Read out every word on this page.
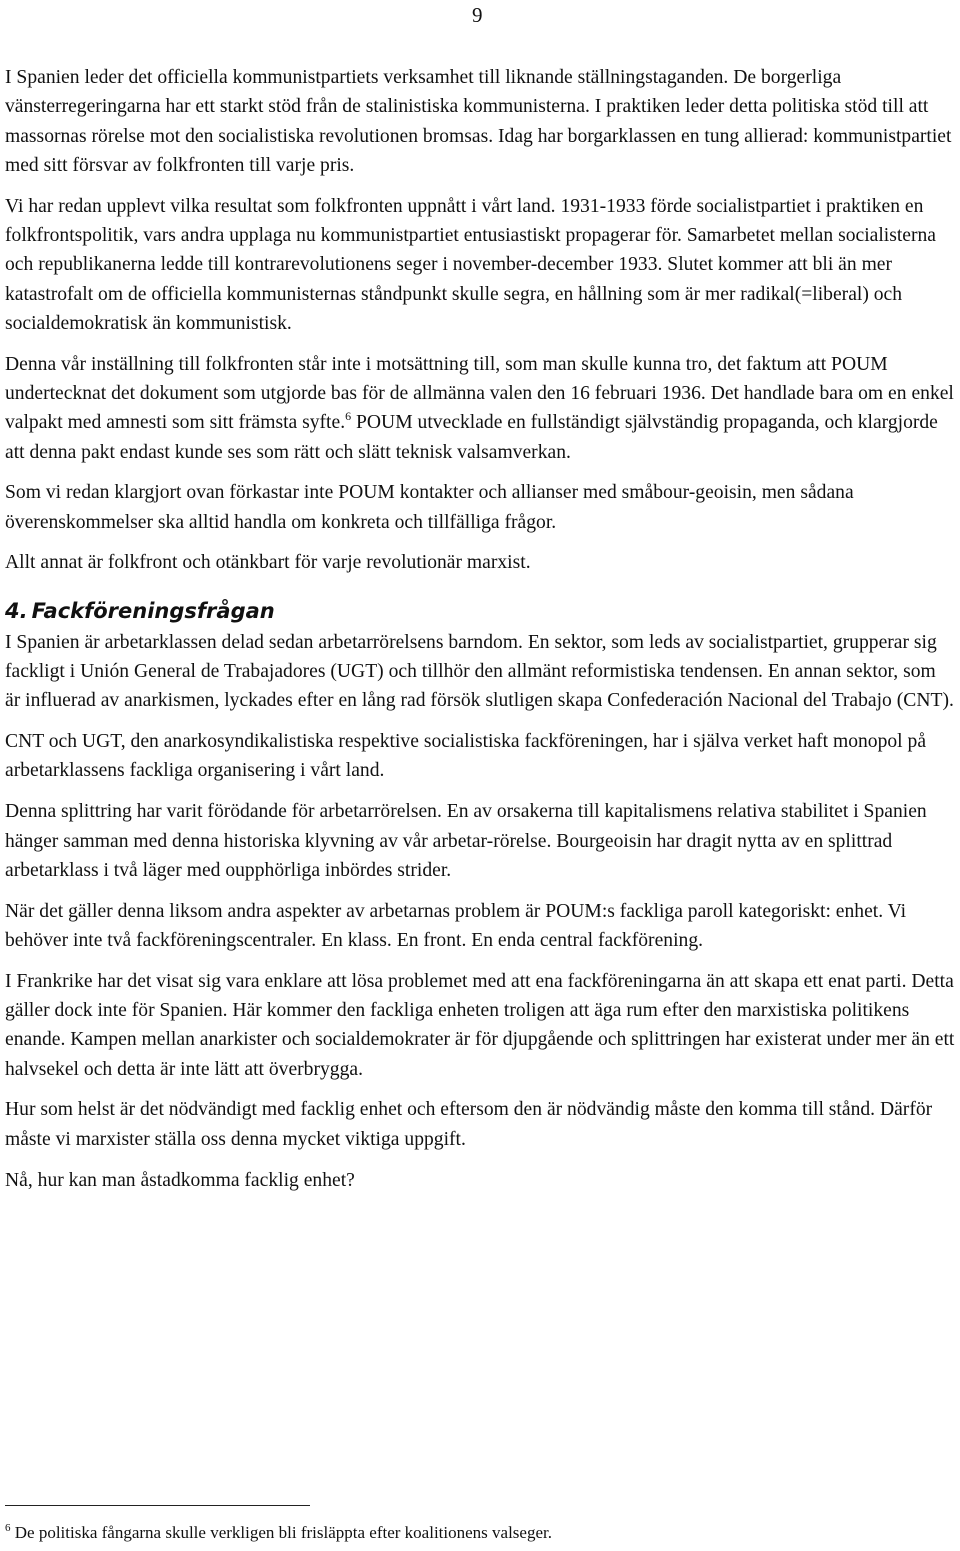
9

I Spanien leder det officiella kommunistpartiets verksamhet till liknande ställningstaganden. De borgerliga vänsterregeringarna har ett starkt stöd från de stalinistiska kommunisterna. I praktiken leder detta politiska stöd till att massornas rörelse mot den socialistiska revolutionen bromsas. Idag har borgarklassen en tung allierad: kommunistpartiet med sitt försvar av folkfronten till varje pris.

Vi har redan upplevt vilka resultat som folkfronten uppnått i vårt land. 1931-1933 förde socialistpartiet i praktiken en folkfrontspolitik, vars andra upplaga nu kommunistpartiet entusiastiskt propagerar för. Samarbetet mellan socialisterna och republikanerna ledde till kontrarevolutionens seger i november-december 1933. Slutet kommer att bli än mer katastrofalt om de officiella kommunisternas ståndpunkt skulle segra, en hållning som är mer radikal(=liberal) och socialdemokratisk än kommunistisk.

Denna vår inställning till folkfronten står inte i motsättning till, som man skulle kunna tro, det faktum att POUM undertecknat det dokument som utgjorde bas för de allmänna valen den 16 februari 1936. Det handlade bara om en enkel valpakt med amnesti som sitt främsta syfte.$^6$ POUM utvecklade en fullständigt självständig propaganda, och klargjorde att denna pakt endast kunde ses som rätt och slätt teknisk valsamverkan.

Som vi redan klargjort ovan förkastar inte POUM kontakter och allianser med småbour-geoisin, men sådana överenskommelser ska alltid handla om konkreta och tillfälliga frågor.

Allt annat är folkfront och otänkbart för varje revolutionär marxist.

4. Fackföreningsfrågan

I Spanien är arbetarklassen delad sedan arbetarrörelsens barndom. En sektor, som leds av socialistpartiet, grupperar sig fackligt i Unión General de Trabajadores (UGT) och tillhör den allmänt reformistiska tendensen. En annan sektor, som är influerad av anarkismen, lyckades efter en lång rad försök slutligen skapa Confederación Nacional del Trabajo (CNT).

CNT och UGT, den anarkosyndikalistiska respektive socialistiska fackföreningen, har i själva verket haft monopol på arbetarklassens fackliga organisering i vårt land.

Denna splittring har varit förödande för arbetarrörelsen. En av orsakerna till kapitalismens relativa stabilitet i Spanien hänger samman med denna historiska klyvning av vår arbetar-rörelse. Bourgeoisin har dragit nytta av en splittrad arbetarklass i två läger med oupphörliga inbördes strider.

När det gäller denna liksom andra aspekter av arbetarnas problem är POUM:s fackliga paroll kategoriskt: enhet. Vi behöver inte två fackföreningscentraler. En klass. En front. En enda central fackförening.

I Frankrike har det visat sig vara enklare att lösa problemet med att ena fackföreningarna än att skapa ett enat parti. Detta gäller dock inte för Spanien. Här kommer den fackliga enheten troligen att äga rum efter den marxistiska politikens enande. Kampen mellan anarkister och socialdemokrater är för djupgående och splittringen har existerat under mer än ett halvsekel och detta är inte lätt att överbrygga.

Hur som helst är det nödvändigt med facklig enhet och eftersom den är nödvändig måste den komma till stånd. Därför måste vi marxister ställa oss denna mycket viktiga uppgift.

Nå, hur kan man åstadkomma facklig enhet?

$^6$ De politiska fångarna skulle verkligen bli frisläppta efter koalitionens valseger.
